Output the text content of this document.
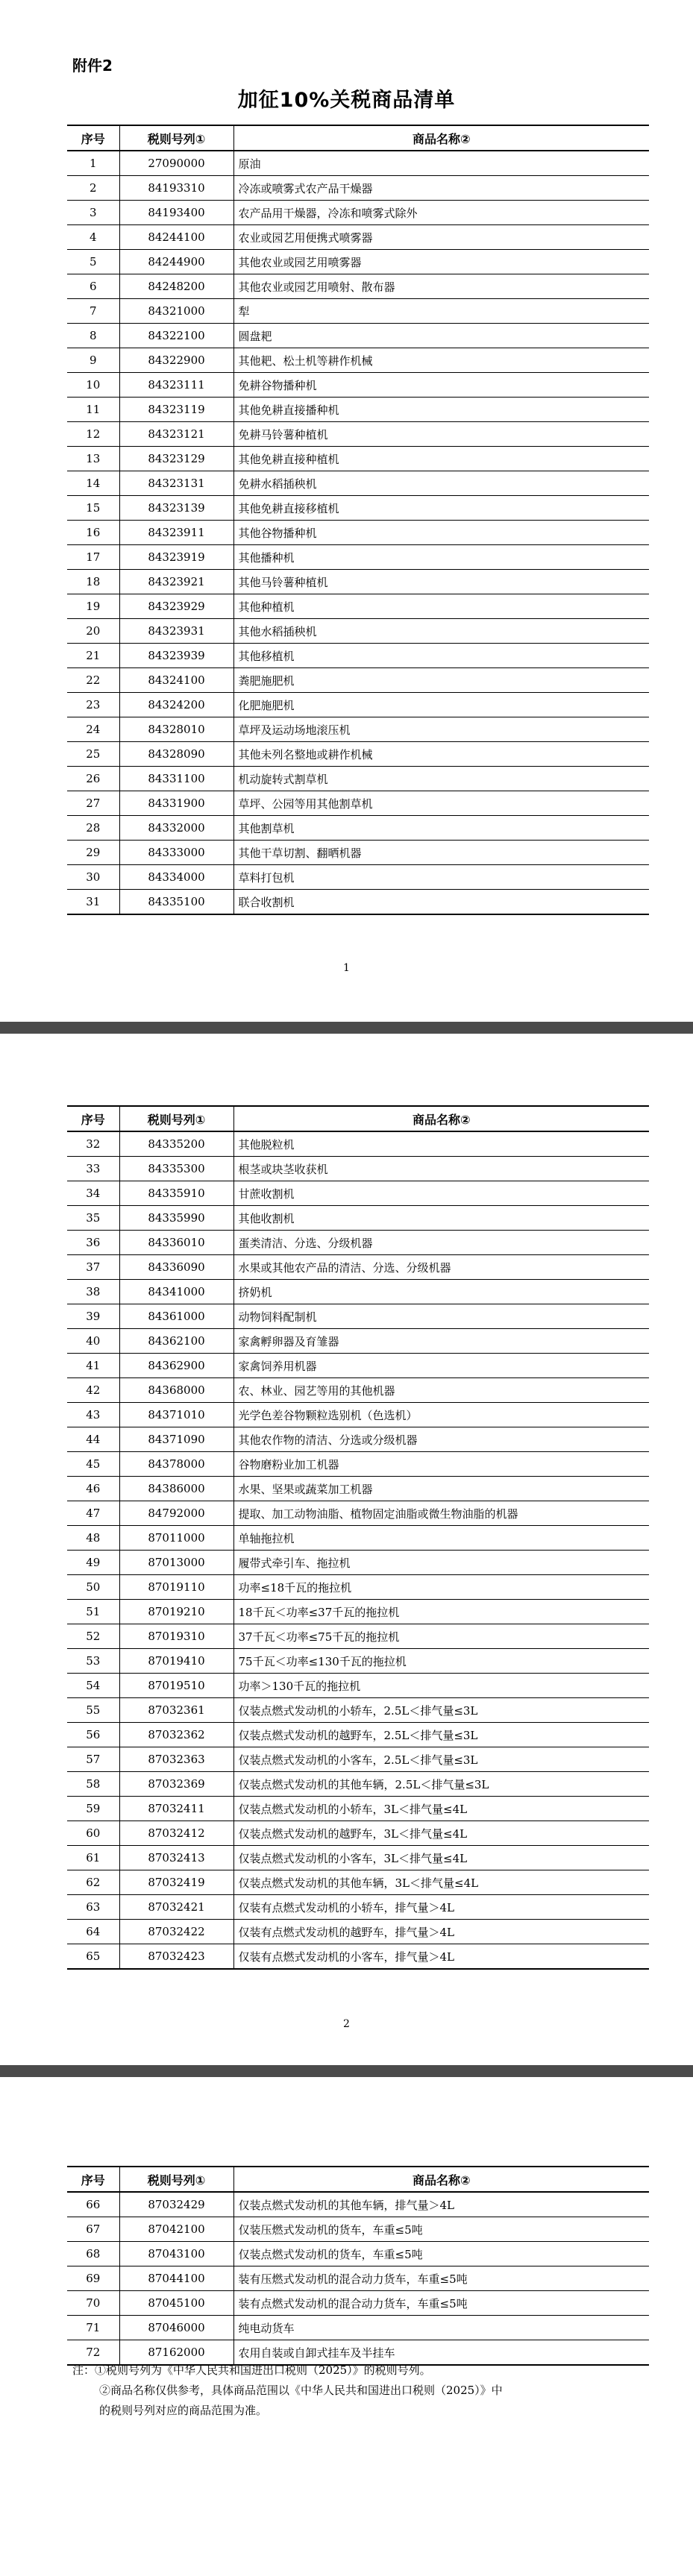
附件2
加征10%关税商品清单
序号	税则号列①	商品名称②
1	27090000	原油
2	84193310	冷冻或喷雾式农产品干燥器
3	84193400	农产品用干燥器，冷冻和喷雾式除外
4	84244100	农业或园艺用便携式喷雾器
5	84244900	其他农业或园艺用喷雾器
6	84248200	其他农业或园艺用喷射、散布器
7	84321000	犁
8	84322100	圆盘耙
9	84322900	其他耙、松土机等耕作机械
10	84323111	免耕谷物播种机
11	84323119	其他免耕直接播种机
12	84323121	免耕马铃薯种植机
13	84323129	其他免耕直接种植机
14	84323131	免耕水稻插秧机
15	84323139	其他免耕直接移植机
16	84323911	其他谷物播种机
17	84323919	其他播种机
18	84323921	其他马铃薯种植机
19	84323929	其他种植机
20	84323931	其他水稻插秧机
21	84323939	其他移植机
22	84324100	粪肥施肥机
23	84324200	化肥施肥机
24	84328010	草坪及运动场地滚压机
25	84328090	其他未列名整地或耕作机械
26	84331100	机动旋转式割草机
27	84331900	草坪、公园等用其他割草机
28	84332000	其他割草机
29	84333000	其他干草切割、翻晒机器
30	84334000	草料打包机
31	84335100	联合收割机
1
序号	税则号列①	商品名称②
32	84335200	其他脱粒机
33	84335300	根茎或块茎收获机
34	84335910	甘蔗收割机
35	84335990	其他收割机
36	84336010	蛋类清洁、分选、分级机器
37	84336090	水果或其他农产品的清洁、分选、分级机器
38	84341000	挤奶机
39	84361000	动物饲料配制机
40	84362100	家禽孵卵器及育雏器
41	84362900	家禽饲养用机器
42	84368000	农、林业、园艺等用的其他机器
43	84371010	光学色差谷物颗粒选别机（色选机）
44	84371090	其他农作物的清洁、分选或分级机器
45	84378000	谷物磨粉业加工机器
46	84386000	水果、坚果或蔬菜加工机器
47	84792000	提取、加工动物油脂、植物固定油脂或微生物油脂的机器
48	87011000	单轴拖拉机
49	87013000	履带式牵引车、拖拉机
50	87019110	功率≤18千瓦的拖拉机
51	87019210	18千瓦＜功率≤37千瓦的拖拉机
52	87019310	37千瓦＜功率≤75千瓦的拖拉机
53	87019410	75千瓦＜功率≤130千瓦的拖拉机
54	87019510	功率＞130千瓦的拖拉机
55	87032361	仅装点燃式发动机的小轿车，2.5L＜排气量≤3L
56	87032362	仅装点燃式发动机的越野车，2.5L＜排气量≤3L
57	87032363	仅装点燃式发动机的小客车，2.5L＜排气量≤3L
58	87032369	仅装点燃式发动机的其他车辆，2.5L＜排气量≤3L
59	87032411	仅装点燃式发动机的小轿车，3L＜排气量≤4L
60	87032412	仅装点燃式发动机的越野车，3L＜排气量≤4L
61	87032413	仅装点燃式发动机的小客车，3L＜排气量≤4L
62	87032419	仅装点燃式发动机的其他车辆，3L＜排气量≤4L
63	87032421	仅装有点燃式发动机的小轿车，排气量＞4L
64	87032422	仅装有点燃式发动机的越野车，排气量＞4L
65	87032423	仅装有点燃式发动机的小客车，排气量＞4L
2
序号	税则号列①	商品名称②
66	87032429	仅装点燃式发动机的其他车辆，排气量＞4L
67	87042100	仅装压燃式发动机的货车，车重≤5吨
68	87043100	仅装点燃式发动机的货车，车重≤5吨
69	87044100	装有压燃式发动机的混合动力货车，车重≤5吨
70	87045100	装有点燃式发动机的混合动力货车，车重≤5吨
71	87046000	纯电动货车
72	87162000	农用自装或自卸式挂车及半挂车
注：①税则号列为《中华人民共和国进出口税则（2025）》的税则号列。
②商品名称仅供参考，具体商品范围以《中华人民共和国进出口税则（2025）》中
的税则号列对应的商品范围为准。
